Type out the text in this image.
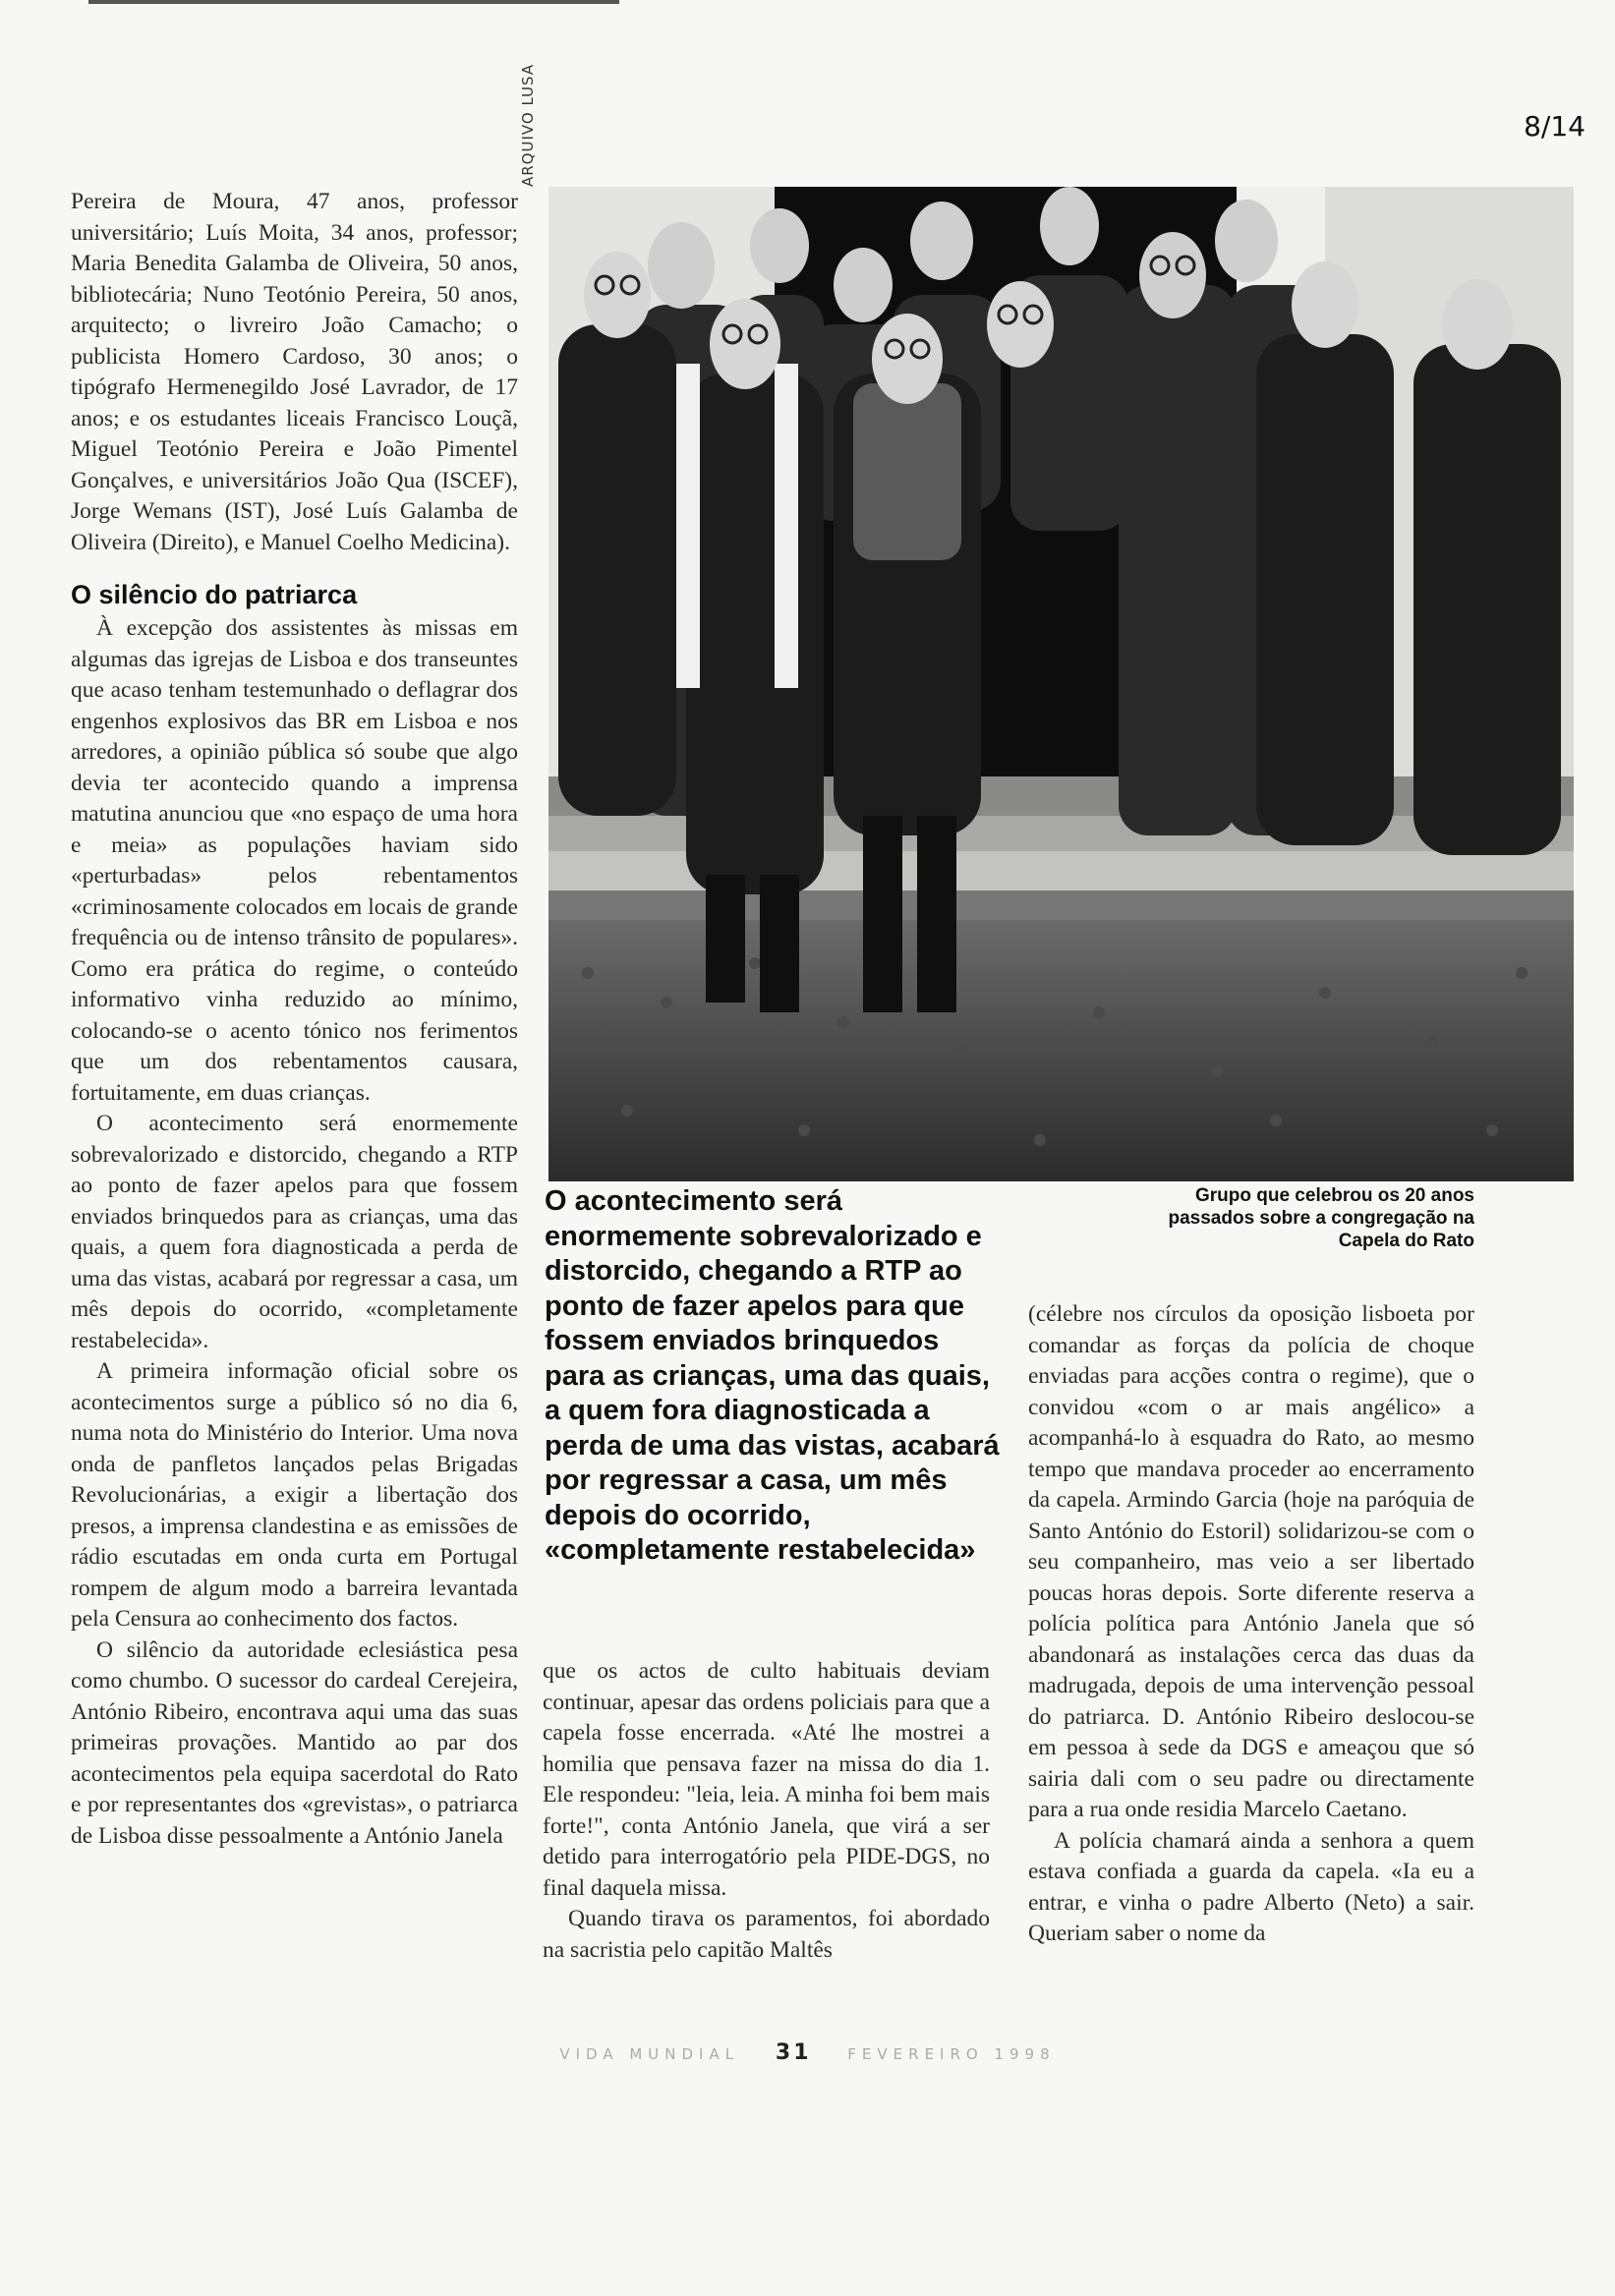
8/14

Pereira de Moura, 47 anos, professor universitário; Luís Moita, 34 anos, professor; Maria Benedita Galamba de Oliveira, 50 anos, bibliotecária; Nuno Teotónio Pereira, 50 anos, arquitecto; o livreiro João Camacho; o publicista Homero Cardoso, 30 anos; o tipógrafo Hermenegildo José Lavrador, de 17 anos; e os estudantes liceais Francisco Louçã, Miguel Teotónio Pereira e João Pimentel Gonçalves, e universitários João Qua (ISCEF), Jorge Wemans (IST), José Luís Galamba de Oliveira (Direito), e Manuel Coelho Medicina).

O silêncio do patriarca

À excepção dos assistentes às missas em algumas das igrejas de Lisboa e dos transeuntes que acaso tenham testemunhado o deflagrar dos engenhos explosivos das BR em Lisboa e nos arredores, a opinião pública só soube que algo devia ter acontecido quando a imprensa matutina anunciou que «no espaço de uma hora e meia» as populações haviam sido «perturbadas» pelos rebentamentos «criminosamente colocados em locais de grande frequência ou de intenso trânsito de populares». Como era prática do regime, o conteúdo informativo vinha reduzido ao mínimo, colocando-se o acento tónico nos ferimentos que um dos rebentamentos causara, fortuitamente, em duas crianças.

O acontecimento será enormemente sobrevalorizado e distorcido, chegando a RTP ao ponto de fazer apelos para que fossem enviados brinquedos para as crianças, uma das quais, a quem fora diagnosticada a perda de uma das vistas, acabará por regressar a casa, um mês depois do ocorrido, «completamente restabelecida».

A primeira informação oficial sobre os acontecimentos surge a público só no dia 6, numa nota do Ministério do Interior. Uma nova onda de panfletos lançados pelas Brigadas Revolucionárias, a exigir a libertação dos presos, a imprensa clandestina e as emissões de rádio escutadas em onda curta em Portugal rompem de algum modo a barreira levantada pela Censura ao conhecimento dos factos.

O silêncio da autoridade eclesiástica pesa como chumbo. O sucessor do cardeal Cerejeira, António Ribeiro, encontrava aqui uma das suas primeiras provações. Mantido ao par dos acontecimentos pela equipa sacerdotal do Rato e por representantes dos «grevistas», o patriarca de Lisboa disse pessoalmente a António Janela

ARQUIVO LUSA
O acontecimento será enormemente sobrevalorizado e distorcido, chegando a RTP ao ponto de fazer apelos para que fossem enviados brinquedos para as crianças, uma das quais, a quem fora diagnosticada a perda de uma das vistas, acabará por regressar a casa, um mês depois do ocorrido, «completamente restabelecida»
Grupo que celebrou os 20 anos passados sobre a congregação na Capela do Rato

que os actos de culto habituais deviam continuar, apesar das ordens policiais para que a capela fosse encerrada. «Até lhe mostrei a homilia que pensava fazer na missa do dia 1. Ele respondeu: "leia, leia. A minha foi bem mais forte!", conta António Janela, que virá a ser detido para interrogatório pela PIDE-DGS, no final daquela missa.

Quando tirava os paramentos, foi abordado na sacristia pelo capitão Maltês

(célebre nos círculos da oposição lisboeta por comandar as forças da polícia de choque enviadas para acções contra o regime), que o convidou «com o ar mais angélico» a acompanhá-lo à esquadra do Rato, ao mesmo tempo que mandava proceder ao encerramento da capela. Armindo Garcia (hoje na paróquia de Santo António do Estoril) solidarizou-se com o seu companheiro, mas veio a ser libertado poucas horas depois. Sorte diferente reserva a polícia política para António Janela que só abandonará as instalações cerca das duas da madrugada, depois de uma intervenção pessoal do patriarca. D. António Ribeiro deslocou-se em pessoa à sede da DGS e ameaçou que só sairia dali com o seu padre ou directamente para a rua onde residia Marcelo Caetano.

A polícia chamará ainda a senhora a quem estava confiada a guarda da capela. «Ia eu a entrar, e vinha o padre Alberto (Neto) a sair. Queriam saber o nome da

VIDA MUNDIAL 31 FEVEREIRO 1998
